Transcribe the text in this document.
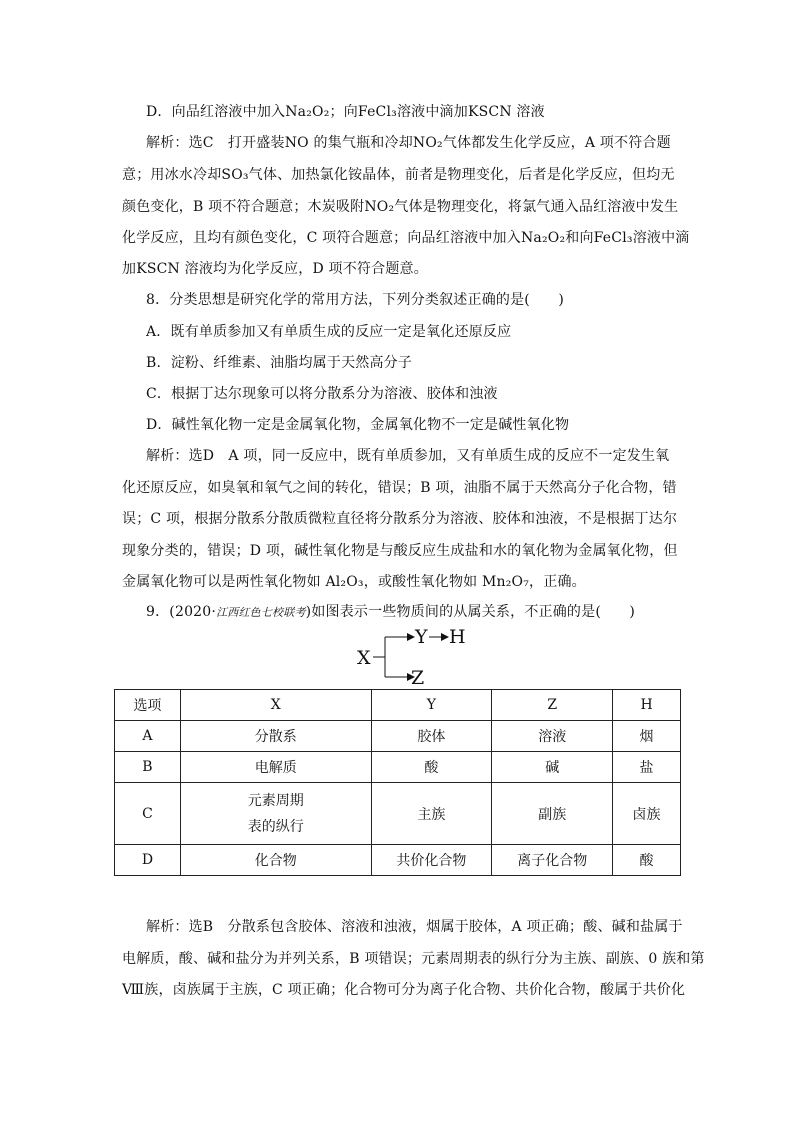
D．向品红溶液中加入Na₂O₂；向FeCl₃溶液中滴加KSCN 溶液

解析：选C　打开盛装NO 的集气瓶和冷却NO₂气体都发生化学反应，A 项不符合题

意；用冰水冷却SO₃气体、加热氯化铵晶体，前者是物理变化，后者是化学反应，但均无

颜色变化，B 项不符合题意；木炭吸附NO₂气体是物理变化，将氯气通入品红溶液中发生

化学反应，且均有颜色变化，C 项符合题意；向品红溶液中加入Na₂O₂和向FeCl₃溶液中滴

加KSCN 溶液均为化学反应，D 项不符合题意。

8．分类思想是研究化学的常用方法，下列分类叙述正确的是(　　)

A．既有单质参加又有单质生成的反应一定是氧化还原反应

B．淀粉、纤维素、油脂均属于天然高分子

C．根据丁达尔现象可以将分散系分为溶液、胶体和浊液

D．碱性氧化物一定是金属氧化物，金属氧化物不一定是碱性氧化物

解析：选D　A 项，同一反应中，既有单质参加，又有单质生成的反应不一定发生氧

化还原反应，如臭氧和氧气之间的转化，错误；B 项，油脂不属于天然高分子化合物，错

误；C 项，根据分散系分散质微粒直径将分散系分为溶液、胶体和浊液，不是根据丁达尔

现象分类的，错误；D 项，碱性氧化物是与酸反应生成盐和水的氧化物为金属氧化物，但

金属氧化物可以是两性氧化物如 Al₂O₃，或酸性氧化物如 Mn₂O₇，正确。

9．(2020·江西红色七校联考)如图表示一些物质间的从属关系，不正确的是(　　)

X
Y H
Z
选项	X	Y	Z	H
A	分散系	胶体	溶液	烟
B	电解质	酸	碱	盐
C	元素周期
表的纵行	主族	副族	卤族
D	化合物	共价化合物	离子化合物	酸

解析：选B　分散系包含胶体、溶液和浊液，烟属于胶体，A 项正确；酸、碱和盐属于

电解质，酸、碱和盐分为并列关系，B 项错误；元素周期表的纵行分为主族、副族、0 族和第

Ⅷ族，卤族属于主族，C 项正确；化合物可分为离子化合物、共价化合物，酸属于共价化
